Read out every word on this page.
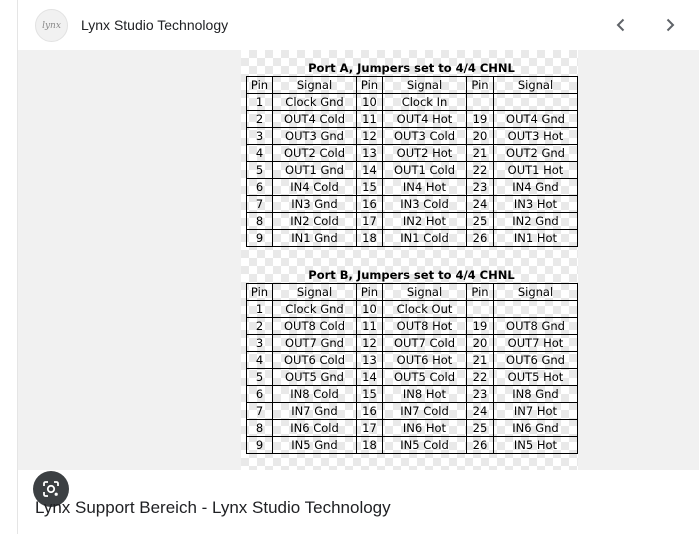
lynx	Lynx Studio Technology
Port A, Jumpers set to 4/4 CHNL
Pin	Signal	Pin	Signal	Pin	Signal
1	Clock Gnd	10	Clock In		
2	OUT4 Cold	11	OUT4 Hot	19	OUT4 Gnd
3	OUT3 Gnd	12	OUT3 Cold	20	OUT3 Hot
4	OUT2 Cold	13	OUT2 Hot	21	OUT2 Gnd
5	OUT1 Gnd	14	OUT1 Cold	22	OUT1 Hot
6	IN4 Cold	15	IN4 Hot	23	IN4 Gnd
7	IN3 Gnd	16	IN3 Cold	24	IN3 Hot
8	IN2 Cold	17	IN2 Hot	25	IN2 Gnd
9	IN1 Gnd	18	IN1 Cold	26	IN1 Hot
Port B, Jumpers set to 4/4 CHNL
Pin	Signal	Pin	Signal	Pin	Signal
1	Clock Gnd	10	Clock Out		
2	OUT8 Cold	11	OUT8 Hot	19	OUT8 Gnd
3	OUT7 Gnd	12	OUT7 Cold	20	OUT7 Hot
4	OUT6 Cold	13	OUT6 Hot	21	OUT6 Gnd
5	OUT5 Gnd	14	OUT5 Cold	22	OUT5 Hot
6	IN8 Cold	15	IN8 Hot	23	IN8 Gnd
7	IN7 Gnd	16	IN7 Cold	24	IN7 Hot
8	IN6 Cold	17	IN6 Hot	25	IN6 Gnd
9	IN5 Gnd	18	IN5 Cold	26	IN5 Hot
Lynx Support Bereich - Lynx Studio Technology
